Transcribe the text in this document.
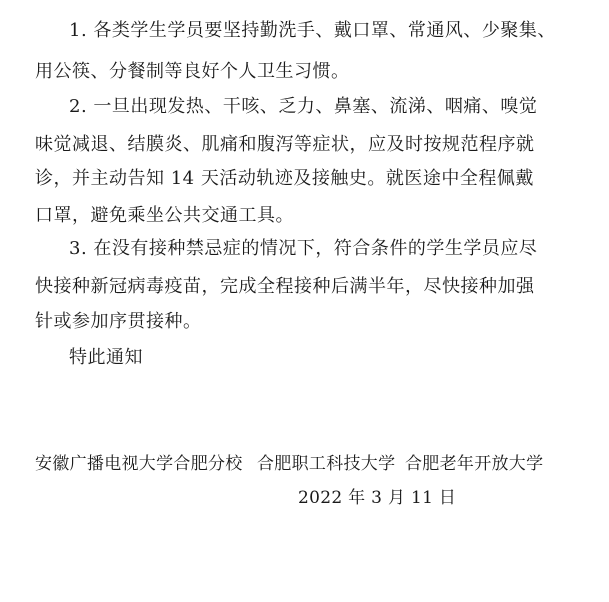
1. 各类学生学员要坚持勤洗手、戴口罩、常通风、少聚集、
用公筷、分餐制等良好个人卫生习惯。
2. 一旦出现发热、干咳、乏力、鼻塞、流涕、咽痛、嗅觉
味觉减退、结膜炎、肌痛和腹泻等症状，应及时按规范程序就
诊，并主动告知 14 天活动轨迹及接触史。就医途中全程佩戴
口罩，避免乘坐公共交通工具。
3. 在没有接种禁忌症的情况下，符合条件的学生学员应尽
快接种新冠病毒疫苗，完成全程接种后满半年，尽快接种加强
针或参加序贯接种。
特此通知
安徽广播电视大学合肥分校 合肥职工科技大学 合肥老年开放大学
2022 年 3 月 11 日
